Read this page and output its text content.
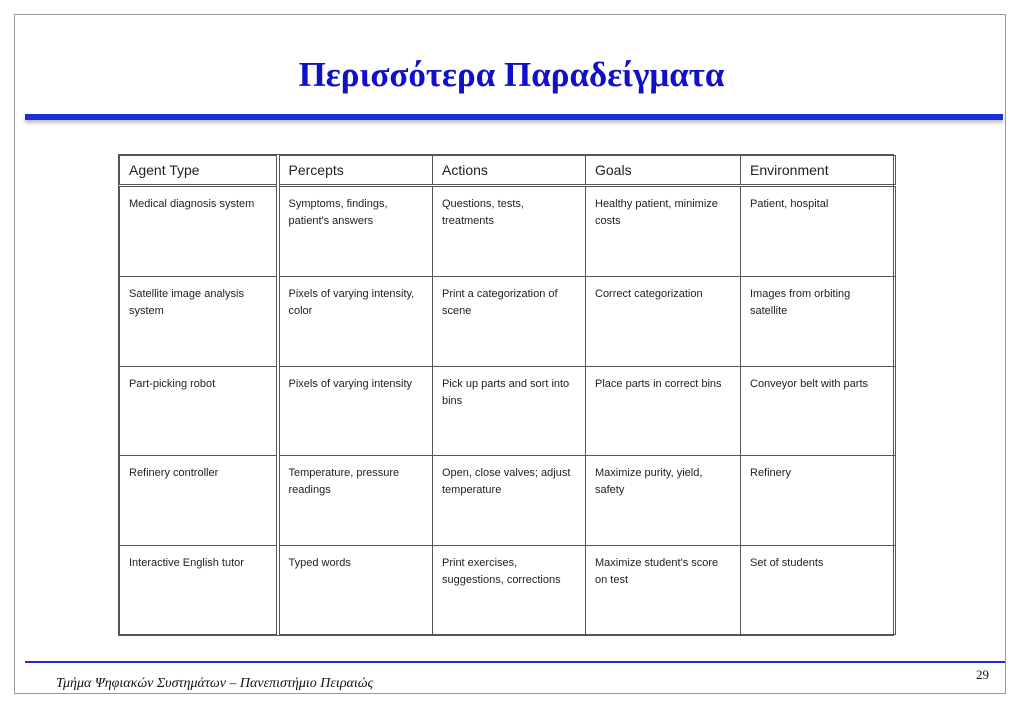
Περισσότερα Παραδείγματα
Agent Type	Percepts	Actions	Goals	Environment
Medical diagnosis system	Symptoms, findings, patient's answers	Questions, tests, treatments	Healthy patient, minimize costs	Patient, hospital
Satellite image analysis system	Pixels of varying intensity, color	Print a categorization of scene	Correct categorization	Images from orbiting satellite
Part-picking robot	Pixels of varying intensity	Pick up parts and sort into bins	Place parts in correct bins	Conveyor belt with parts
Refinery controller	Temperature, pressure readings	Open, close valves; adjust temperature	Maximize purity, yield, safety	Refinery
Interactive English tutor	Typed words	Print exercises, suggestions, corrections	Maximize student's score on test	Set of students
Τμήμα Ψηφιακών Συστημάτων – Πανεπιστήμιο Πειραιώς
29
